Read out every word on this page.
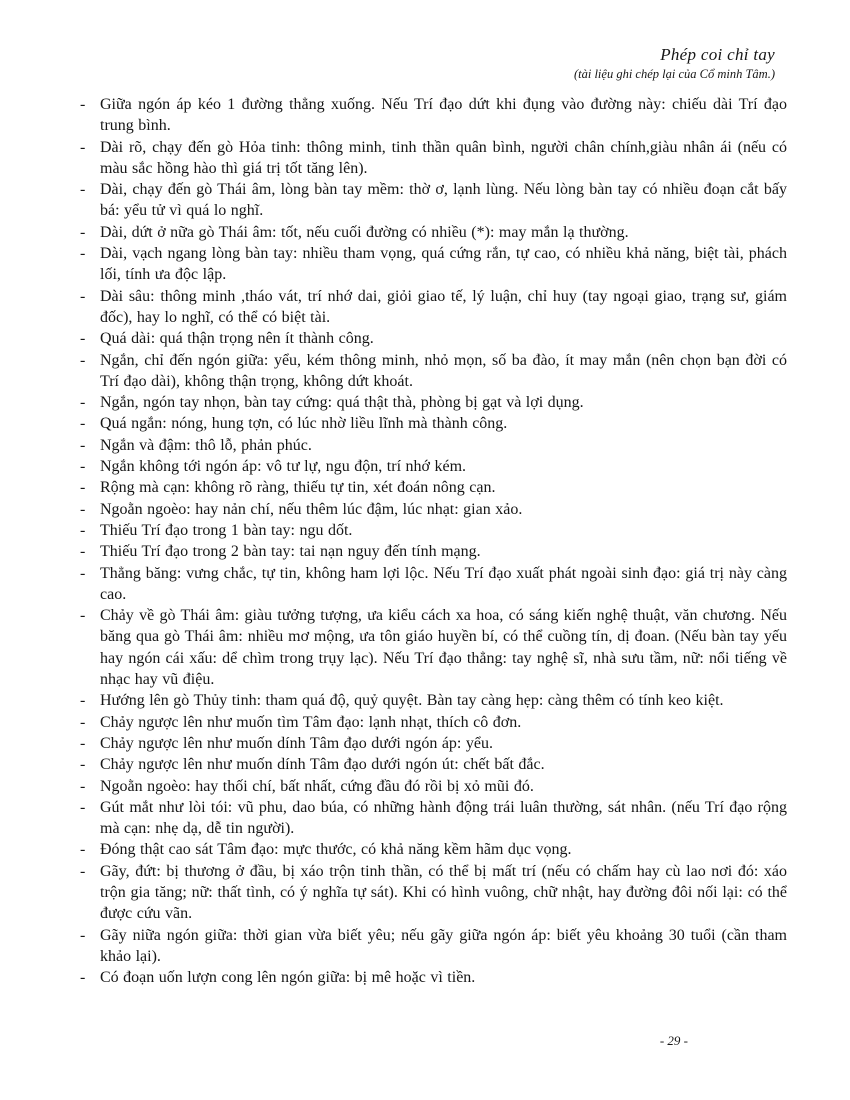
Phép coi chỉ tay
(tài liệu ghi chép lại của Cổ minh Tâm.)
- Giữa ngón áp kéo 1 đường thẳng xuống. Nếu Trí đạo dứt khi đụng vào đường này: chiếu dài Trí đạo trung bình.
- Dài rõ, chạy đến gò Hỏa tinh: thông minh, tinh thần quân bình, người chân chính,giàu nhân ái (nếu có màu sắc hồng hào thì giá trị tốt tăng lên).
- Dài, chạy đến gò Thái âm, lòng bàn tay mềm: thờ ơ, lạnh lùng. Nếu lòng bàn tay có nhiều đoạn cắt bấy bá: yểu tử vì quá lo nghĩ.
- Dài, dứt ở nữa gò Thái âm: tốt, nếu cuối đường có nhiều (*): may mắn lạ thường.
- Dài, vạch ngang lòng bàn tay: nhiều tham vọng, quá cứng rắn, tự cao, có nhiều khả năng, biệt tài, phách lối, tính ưa độc lập.
- Dài sâu: thông minh ,tháo vát, trí nhớ dai, giỏi giao tế, lý luận, chỉ huy (tay ngoại giao, trạng sư, giám đốc), hay lo nghĩ, có thể có biệt tài.
- Quá dài: quá thận trọng nên ít thành công.
- Ngắn, chỉ đến ngón giữa: yểu, kém thông minh, nhỏ mọn, số ba đào, ít may mắn (nên chọn bạn đời có Trí đạo dài), không thận trọng, không dứt khoát.
- Ngắn, ngón tay nhọn, bàn tay cứng: quá thật thà, phòng bị gạt và lợi dụng.
- Quá ngắn: nóng, hung tợn, có lúc nhờ liều lĩnh mà thành công.
- Ngắn và đậm: thô lỗ, phản phúc.
- Ngắn không tới ngón áp: vô tư lự, ngu độn, trí nhớ kém.
- Rộng mà cạn: không rõ ràng, thiếu tự tin, xét đoán nông cạn.
- Ngoằn ngoèo: hay nản chí, nếu thêm lúc đậm, lúc nhạt: gian xảo.
- Thiếu Trí đạo trong 1 bàn tay: ngu dốt.
- Thiếu Trí đạo trong 2 bàn tay: tai nạn nguy đến tính mạng.
- Thẳng băng: vưng chắc, tự tin, không ham lợi lộc. Nếu Trí đạo xuất phát ngoài sinh đạo: giá trị này càng cao.
- Chảy về gò Thái âm: giàu tưởng tượng, ưa kiểu cách xa hoa, có sáng kiến nghệ thuật, văn chương. Nếu băng qua gò Thái âm: nhiều mơ mộng, ưa tôn giáo huyền bí, có thể cuồng tín, dị đoan. (Nếu bàn tay yếu hay ngón cái xấu: dể chìm trong trụy lạc). Nếu Trí đạo thẳng: tay nghệ sĩ, nhà sưu tầm, nữ: nổi tiếng về nhạc hay vũ điệu.
- Hướng lên gò Thủy tinh: tham quá độ, quỷ quyệt. Bàn tay càng hẹp: càng thêm có tính keo kiệt.
- Chảy ngược lên như muốn tìm Tâm đạo: lạnh nhạt, thích cô đơn.
- Chảy ngược lên như muốn dính Tâm đạo dưới ngón áp: yểu.
- Chảy ngược lên như muốn dính Tâm đạo dưới ngón út: chết bất đắc.
- Ngoằn ngoèo: hay thối chí, bất nhất, cứng đầu đó rồi bị xỏ mũi đó.
- Gút mắt như lòi tói: vũ phu, dao búa, có những hành động trái luân thường, sát nhân. (nếu Trí đạo rộng mà cạn: nhẹ dạ, dễ tin người).
- Đóng thật cao sát Tâm đạo: mực thước, có khả năng kềm hãm dục vọng.
- Gãy, đứt: bị thương ở đầu, bị xáo trộn tinh thần, có thể bị mất trí (nếu có chấm hay cù lao nơi đó: xáo trộn gia tăng; nữ: thất tình, có ý nghĩa tự sát). Khi có hình vuông, chữ nhật, hay đường đôi nối lại: có thể được cứu vãn.
- Gãy niữa ngón giữa: thời gian vừa biết yêu; nếu gãy giữa ngón áp: biết yêu khoảng 30 tuổi (cần tham khảo lại).
- Có đoạn uốn lượn cong lên ngón giữa: bị mê hoặc vì tiền.
- 29 -
